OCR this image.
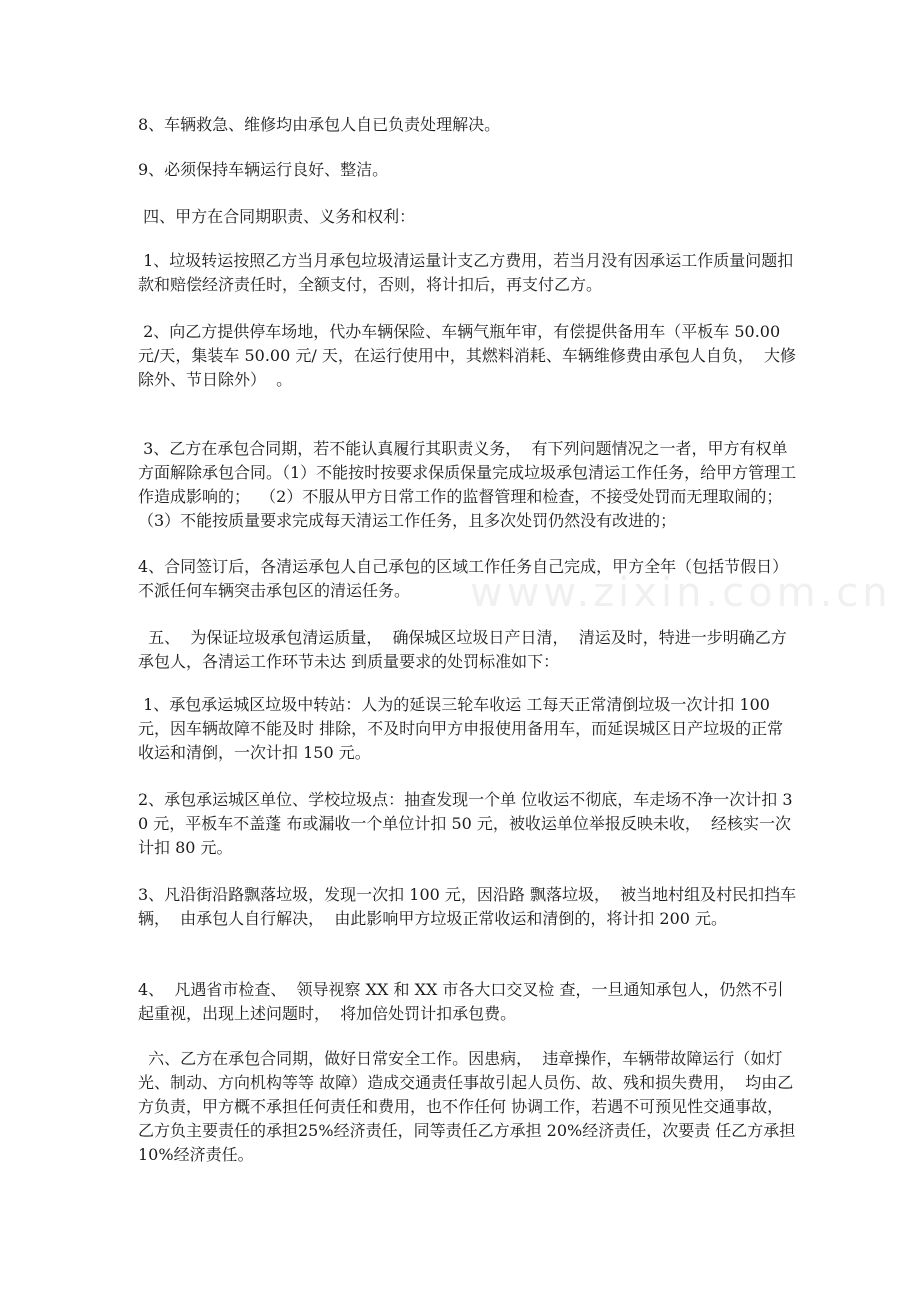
www.zixin.com.cn

8、车辆救急、维修均由承包人自已负责处理解决。

9、必须保持车辆运行良好、整洁。

四、甲方在合同期职责、义务和权利：

1、垃圾转运按照乙方当月承包垃圾清运量计支乙方费用，若当月没有因承运工作质量问题扣款和赔偿经济责任时，全额支付，否则，将计扣后，再支付乙方。

2、向乙方提供停车场地，代办车辆保险、车辆气瓶年审，有偿提供备用车（平板车 50.00 元/天，集装车 50.00 元/ 天，在运行使用中，其燃料消耗、车辆维修费由承包人自负，  大修除外、节日除外）  。

3、乙方在承包合同期，若不能认真履行其职责义务，  有下列问题情况之一者，甲方有权单方面解除承包合同。（1）不能按时按要求保质保量完成垃圾承包清运工作任务，给甲方管理工作造成影响的；  （2）不服从甲方日常工作的监督管理和检查，不接受处罚而无理取闹的；（3）不能按质量要求完成每天清运工作任务，且多次处罚仍然没有改进的；

4、合同签订后，各清运承包人自己承包的区域工作任务自己完成，甲方全年（包括节假日）不派任何车辆突击承包区的清运任务。

五、  为保证垃圾承包清运质量，  确保城区垃圾日产日清，  清运及时，特进一步明确乙方承包人，各清运工作环节未达 到质量要求的处罚标准如下：

1、承包承运城区垃圾中转站：人为的延误三轮车收运 工每天正常清倒垃圾一次计扣 100 元，因车辆故障不能及时 排除，不及时向甲方申报使用备用车，而延误城区日产垃圾的正常收运和清倒，一次计扣 150 元。

2、承包承运城区单位、学校垃圾点：抽查发现一个单 位收运不彻底，车走场不净一次计扣 30 元，平板车不盖蓬 布或漏收一个单位计扣 50 元，被收运单位举报反映未收，  经核实一次计扣 80 元。

3、凡沿街沿路飘落垃圾，发现一次扣 100 元，因沿路 飘落垃圾，  被当地村组及村民扣挡车辆，  由承包人自行解决，  由此影响甲方垃圾正常收运和清倒的，将计扣 200 元。

4、  凡遇省市检查、  领导视察 XX 和 XX 市各大口交叉检 查，一旦通知承包人，仍然不引起重视，出现上述问题时，  将加倍处罚计扣承包费。

六、乙方在承包合同期，做好日常安全工作。因患病，  违章操作，车辆带故障运行（如灯光、制动、方向机构等等 故障）造成交通责任事故引起人员伤、故、残和损失费用，  均由乙方负责，甲方概不承担任何责任和费用，也不作任何 协调工作，若遇不可预见性交通事故，乙方负主要责任的承担25%经济责任，同等责任乙方承担 20%经济责任，次要责 任乙方承担 10%经济责任。
